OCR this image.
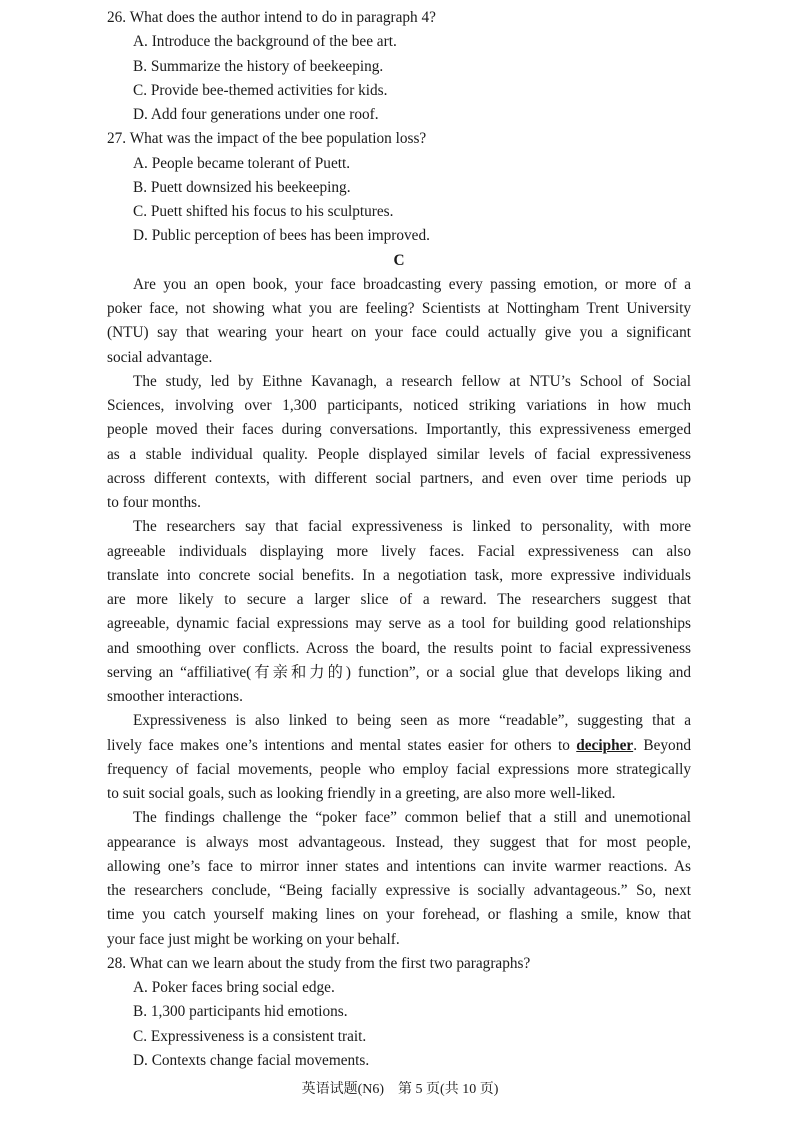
26. What does the author intend to do in paragraph 4?
A. Introduce the background of the bee art.
B. Summarize the history of beekeeping.
C. Provide bee-themed activities for kids.
D. Add four generations under one roof.
27. What was the impact of the bee population loss?
A. People became tolerant of Puett.
B. Puett downsized his beekeeping.
C. Puett shifted his focus to his sculptures.
D. Public perception of bees has been improved.
C
Are you an open book, your face broadcasting every passing emotion, or more of a
poker face, not showing what you are feeling? Scientists at Nottingham Trent University
(NTU) say that wearing your heart on your face could actually give you a significant
social advantage.
The study, led by Eithne Kavanagh, a research fellow at NTU’s School of Social
Sciences, involving over 1,300 participants, noticed striking variations in how much
people moved their faces during conversations. Importantly, this expressiveness emerged
as a stable individual quality. People displayed similar levels of facial expressiveness
across different contexts, with different social partners, and even over time periods up
to four months.
The researchers say that facial expressiveness is linked to personality, with more
agreeable individuals displaying more lively faces. Facial expressiveness can also
translate into concrete social benefits. In a negotiation task, more expressive individuals
are more likely to secure a larger slice of a reward. The researchers suggest that
agreeable, dynamic facial expressions may serve as a tool for building good relationships
and smoothing over conflicts. Across the board, the results point to facial expressiveness
serving an “affiliative(有亲和力的) function”, or a social glue that develops liking and
smoother interactions.
Expressiveness is also linked to being seen as more “readable”, suggesting that a
lively face makes one’s intentions and mental states easier for others to decipher. Beyond
frequency of facial movements, people who employ facial expressions more strategically
to suit social goals, such as looking friendly in a greeting, are also more well-liked.
The findings challenge the “poker face” common belief that a still and unemotional
appearance is always most advantageous. Instead, they suggest that for most people,
allowing one’s face to mirror inner states and intentions can invite warmer reactions. As
the researchers conclude, “Being facially expressive is socially advantageous.” So, next
time you catch yourself making lines on your forehead, or flashing a smile, know that
your face just might be working on your behalf.
28. What can we learn about the study from the first two paragraphs?
A. Poker faces bring social edge.
B. 1,300 participants hid emotions.
C. Expressiveness is a consistent trait.
D. Contexts change facial movements.
英语试题(N6)　第 5 页(共 10 页)
